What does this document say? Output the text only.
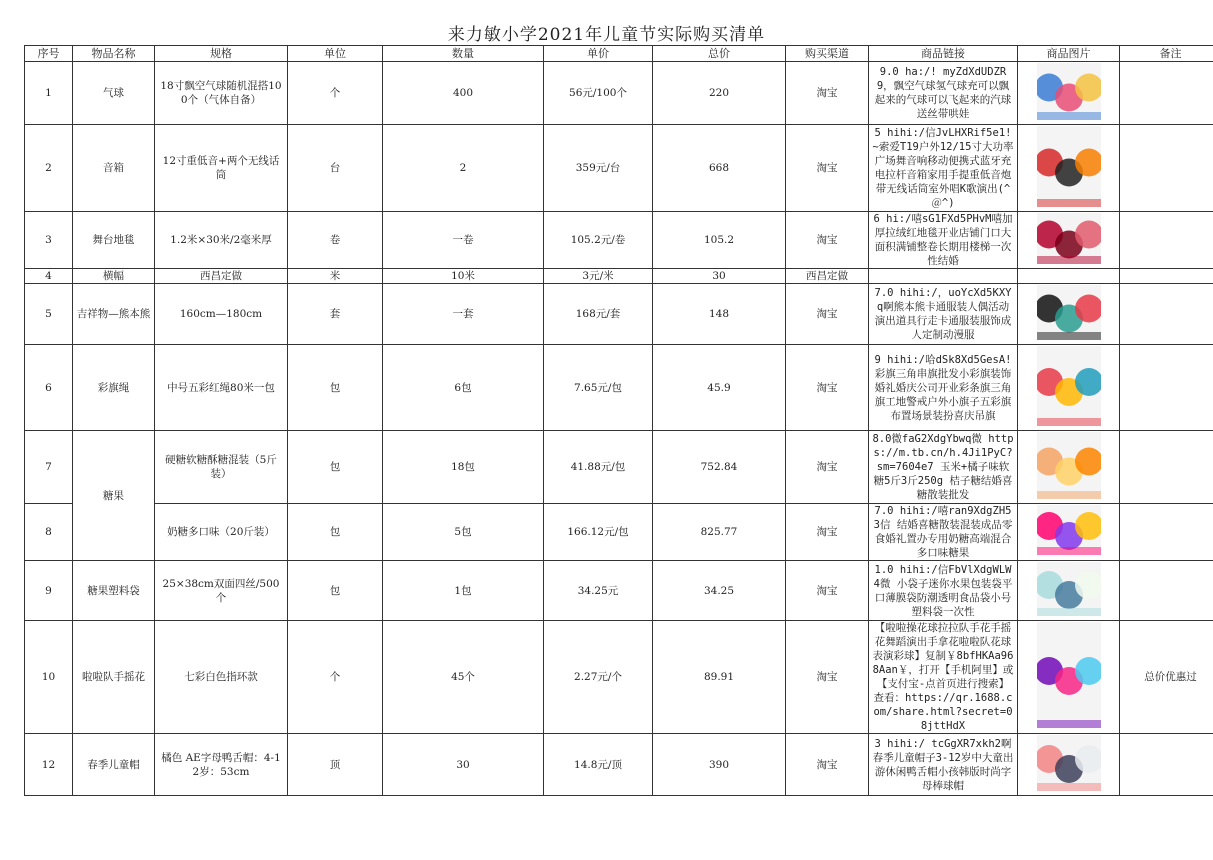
来力敏小学2021年儿童节实际购买清单
序号	物品名称	规格	单位	数量	单价	总价	购买渠道	商品链接	商品图片	备注
1	气球	18寸飘空气球随机混搭100个（气体自备）	个	400	56元/100个	220	淘宝	9.0 ha:/! myZdXdUDZR9，飘空气球氢气球充可以飘起来的气球可以飞起来的汽球送丝带哄娃

2	音箱	12寸重低音+两个无线话筒	台	2	359元/台	668	淘宝	5 hihi:/信JvLHXRif5e1! ~索爱T19户外12/15寸大功率广场舞音响移动便携式蓝牙充电拉杆音箱家用手提重低音炮带无线话筒室外唱K歌演出(^＠^)

3	舞台地毯	1.2米×30米/2毫米厚	卷	一卷	105.2元/卷	105.2	淘宝	6 hi:/嘻sG1FXd5PHvM嘻加厚拉绒红地毯开业店铺门口大面积满铺整卷长期用楼梯一次性结婚

4	横幅	西昌定做	米	10米	3元/米	30	西昌定做	

5	吉祥物—熊本熊	160cm—180cm	套	一套	168元/套	148	淘宝	7.0 hihi:/，uoYcXd5KXYq啊熊本熊卡通服装人偶活动演出道具行走卡通服装服饰成人定制动漫服

6	彩旗绳	中号五彩红绳80米一包	包	6包	7.65元/包	45.9	淘宝	9 hihi:/哈dSk8Xd5GesA! 彩旗三角串旗批发小彩旗装饰婚礼婚庆公司开业彩条旗三角旗工地警戒户外小旗子五彩旗 布置场景装扮喜庆吊旗

7	糖果	硬糖软糖酥糖混装（5斤装）	包	18包	41.88元/包	752.84	淘宝	8.0微faG2XdgYbwq微 https://m.tb.cn/h.4Ji1PyC?sm=7604e7 玉米+橘子味软糖5斤3斤250g 桔子糖结婚喜糖散装批发

8		奶糖多口味（20斤装）	包	5包	166.12元/包	825.77	淘宝	7.0 hihi:/嘻ran9XdgZH53信 结婚喜糖散装混装成品零食婚礼置办专用奶糖高端混合多口味糖果

9	糖果塑料袋	25×38cm双面四丝/500个	包	1包	34.25元	34.25	淘宝	1.0 hihi:/信FbVlXdgWLW4微 小袋子迷你水果包装袋平口薄膜袋防潮透明食品袋小号塑料袋一次性

10	啦啦队手摇花	七彩白色指环款	个	45个	2.27元/个	89.91	淘宝	【啦啦操花球拉拉队手花手摇花舞蹈演出手拿花啦啦队花球表演彩球】复制￥8bfHKAa968Aan￥，打开【手机阿里】或【支付宝-点首页进行搜索】查看：https://qr.1688.com/share.html?secret=08jttHdX		总价优惠过
12	春季儿童帽	橘色 AE字母鸭舌帽：4-12岁：53cm	顶	30	14.8元/顶	390	淘宝	3 hihi:/ tcGgXR7xkh2啊春季儿童帽子3-12岁中大童出游休闲鸭舌帽小孩韩版时尚字母棒球帽
